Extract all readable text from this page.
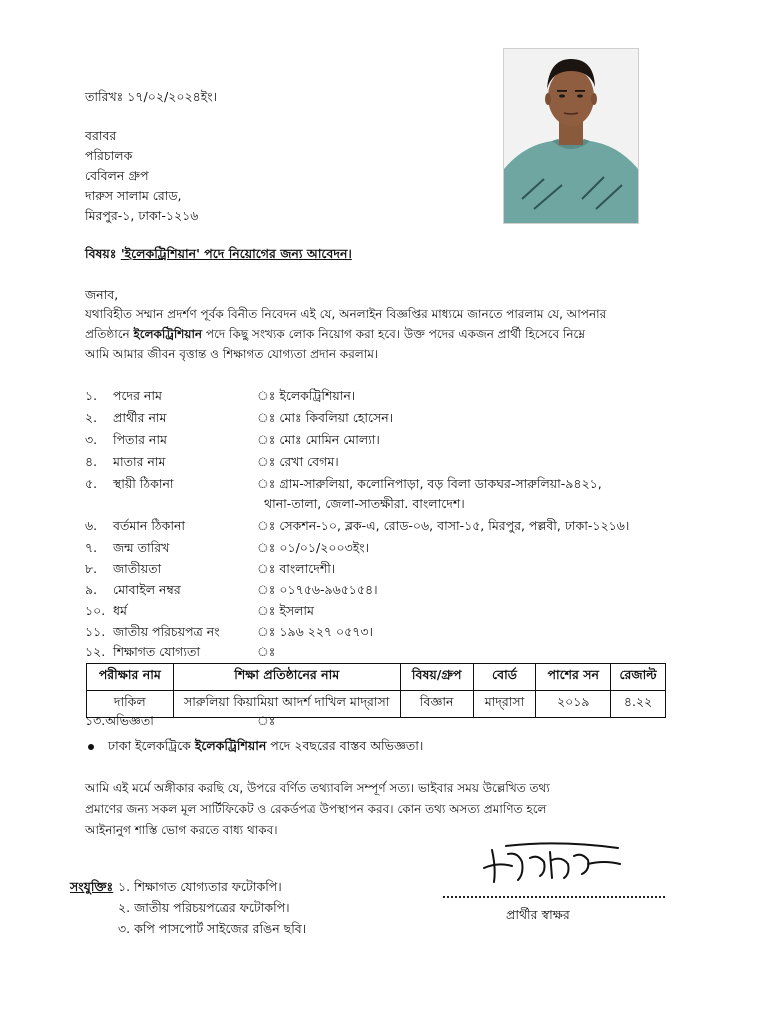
তারিখঃ ১৭/০২/২০২৪ইং।
বরাবর
পরিচালক
বেবিলন গ্রুপ
দারুস সালাম রোড,
মিরপুর-১, ঢাকা-১২১৬
বিষয়ঃ 'ইলেকট্রিশিয়ান' পদে নিয়োগের জন্য আবেদন।
জনাব,
যথাবিহীত সম্মান প্রদর্শণ পূর্বক বিনীত নিবেদন এই যে, অনলাইন বিজ্ঞপ্তির মাধ্যমে জানতে পারলাম যে, আপনার
প্রতিষ্ঠানে ইলেকট্রিশিয়ান পদে কিছু সংখ্যক লোক নিয়োগ করা হবে। উক্ত পদের একজন প্রার্থী হিসেবে নিম্নে
আমি আমার জীবন বৃত্তান্ত ও শিক্ষাগত যোগ্যতা প্রদান করলাম।
১. পদের নাম	ঃ ইলেকট্রিশিয়ান।
২. প্রার্থীর নাম	ঃ মোঃ কিবলিয়া হোসেন।
৩. পিতার নাম	ঃ মোঃ মোমিন মোল্যা।
৪. মাতার নাম	ঃ রেখা বেগম।
৫. স্থায়ী ঠিকানা	ঃ গ্রাম-সারুলিয়া, কলোনিপাড়া, বড় বিলা ডাকঘর-সারুলিয়া-৯৪২১,
থানা-তালা, জেলা-সাতক্ষীরা. বাংলাদেশ।
৬. বর্তমান ঠিকানা	ঃ সেকশন-১০, ব্লক-এ, রোড-০৬, বাসা-১৫, মিরপুর, পল্লবী, ঢাকা-১২১৬।
৭. জন্ম তারিখ	ঃ ০১/০১/২০০৩ইং।
৮. জাতীয়তা	ঃ বাংলাদেশী।
৯. মোবাইল নম্বর	ঃ ০১৭৫৬-৯৬৫১৫৪।
১০. ধর্ম	ঃ ইসলাম
১১. জাতীয় পরিচয়পত্র নং	ঃ ১৯৬ ২২৭ ০৫৭৩।
১২. শিক্ষাগত যোগ্যতা	ঃ
পরীক্ষার নাম	শিক্ষা প্রতিষ্ঠানের নাম	বিষয়/গ্রুপ	বোর্ড	পাশের সন	রেজাল্ট
দাকিল	সারুলিয়া কিয়ামিয়া আদর্শ দাখিল মাদ্‌রাসা	বিজ্ঞান	মাদ্‌রাসা	২০১৯	৪.২২
১৩.অভিজ্ঞতা	ঃ
ঢাকা ইলেকট্রিকে ইলেকট্রিশিয়ান পদে ২বছরের বাস্তব অভিজ্ঞতা।
আমি এই মর্মে অঙ্গীকার করছি যে, উপরে বর্ণিত তথ্যাবলি সম্পূর্ণ সত্য। ভাইবার সময় উল্লেখিত তথ্য
প্রমাণের জন্য সকল মূল সার্টিফিকেট ও রেকর্ডপত্র উপস্থাপন করব। কোন তথ্য অসত্য প্রমাণিত হলে
আইনানুগ শাস্তি ভোগ করতে বাধ্য থাকব।
সংযুক্তিঃ ১. শিক্ষাগত যোগ্যতার ফটোকপি।
২. জাতীয় পরিচয়পত্রের ফটোকপি।
৩. কপি পাসপোর্ট সাইজের রঙিন ছবি।
প্রার্থীর স্বাক্ষর
